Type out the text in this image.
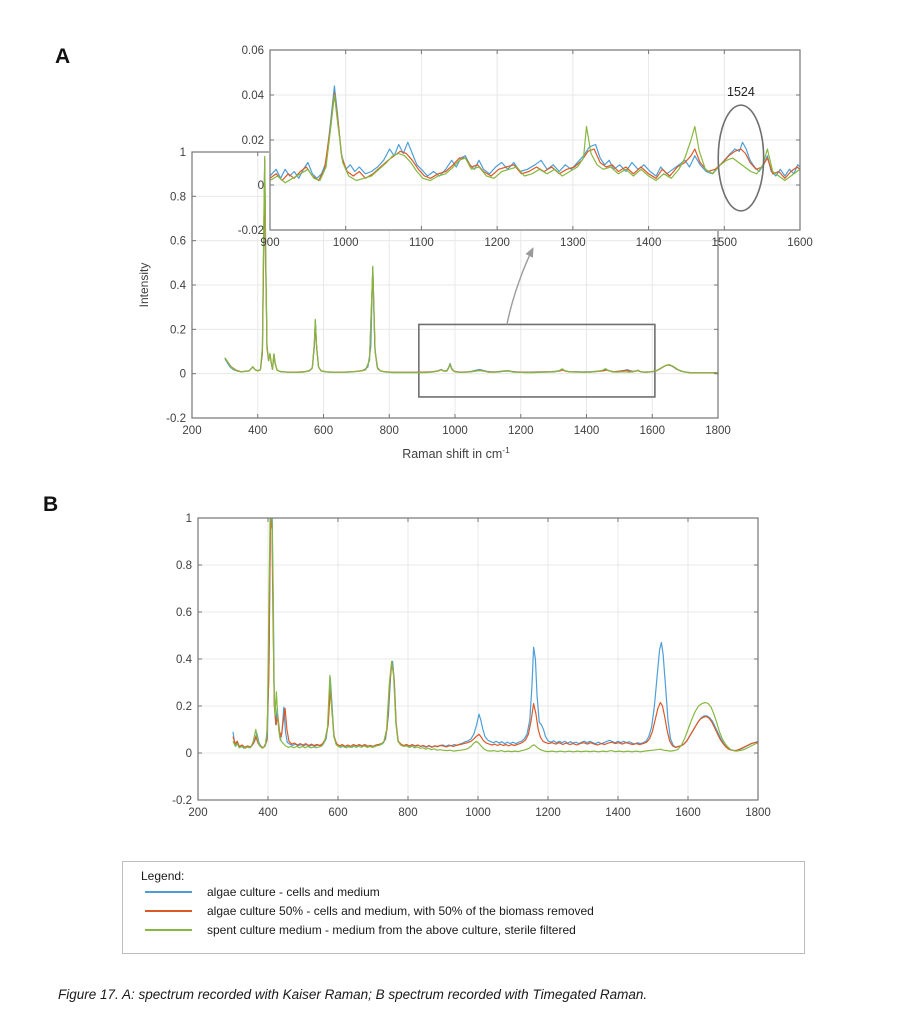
A
B
200	400	600	800	1000	1200	1400	1600	1800
1
0.8
0.6
0.4
0.2
0
-0.2
Intensity
Raman shift in $cm^{-1}$
900	1000	1100	1200	1300	1400	1500	1600
0.06
0.04
0.02
0
-0.02
1524
200	400	600	800	1000	1200	1400	1600	1800
1
0.8
0.6
0.4
0.2
0
-0.2
Legend:
algae culture - cells and medium
algae culture 50% - cells and medium, with 50% of the biomass removed
spent culture medium - medium from the above culture, sterile filtered
Figure 17. A: spectrum recorded with Kaiser Raman; B spectrum recorded with Timegated Raman.
